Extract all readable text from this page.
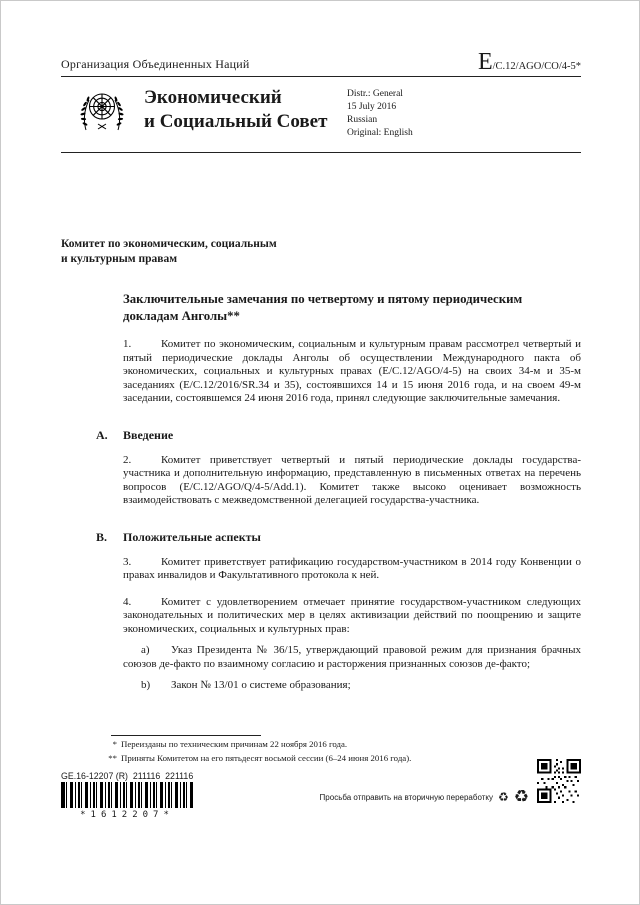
Организация Объединенных Наций	E/C.12/AGO/CO/4-5*
Экономический
и Социальный Совет
Distr.: General
15 July 2016
Russian
Original: English
Комитет по экономическим, социальным
и культурным правам
Заключительные замечания по четвертому и пятому периодическим докладам Анголы**
1.	Комитет по экономическим, социальным и культурным правам рассмотрел четвертый и пятый периодические доклады Анголы об осуществлении Международного пакта об экономических, социальных и культурных правах (E/C.12/AGO/4-5) на своих 34-м и 35-м заседаниях (E/C.12/2016/SR.34 и 35), состоявшихся 14 и 15 июня 2016 года, и на своем 49-м заседании, состоявшемся 24 июня 2016 года, принял следующие заключительные замечания.
A. Введение
2.	Комитет приветствует четвертый и пятый периодические доклады государства-участника и дополнительную информацию, представленную в письменных ответах на перечень вопросов (E/C.12/AGO/Q/4-5/Add.1). Комитет также высоко оценивает возможность взаимодействовать с межведомственной делегацией государства-участника.
B. Положительные аспекты
3.	Комитет приветствует ратификацию государством-участником в 2014 году Конвенции о правах инвалидов и Факультативного протокола к ней.
4.	Комитет с удовлетворением отмечает принятие государством-участником следующих законодательных и политических мер в целях активизации действий по поощрению и защите экономических, социальных и культурных прав:
a) Указ Президента № 36/15, утверждающий правовой режим для признания брачных союзов де-факто по взаимному согласию и расторжения признанных союзов де-факто;
b) Закон № 13/01 о системе образования;
* Переизданы по техническим причинам 22 ноября 2016 года.
** Приняты Комитетом на его пятьдесят восьмой сессии (6–24 июня 2016 года).
GE.16-12207 (R)  211116  221116
*1612207*
Просьба отправить на вторичную переработку ♻ ♻
